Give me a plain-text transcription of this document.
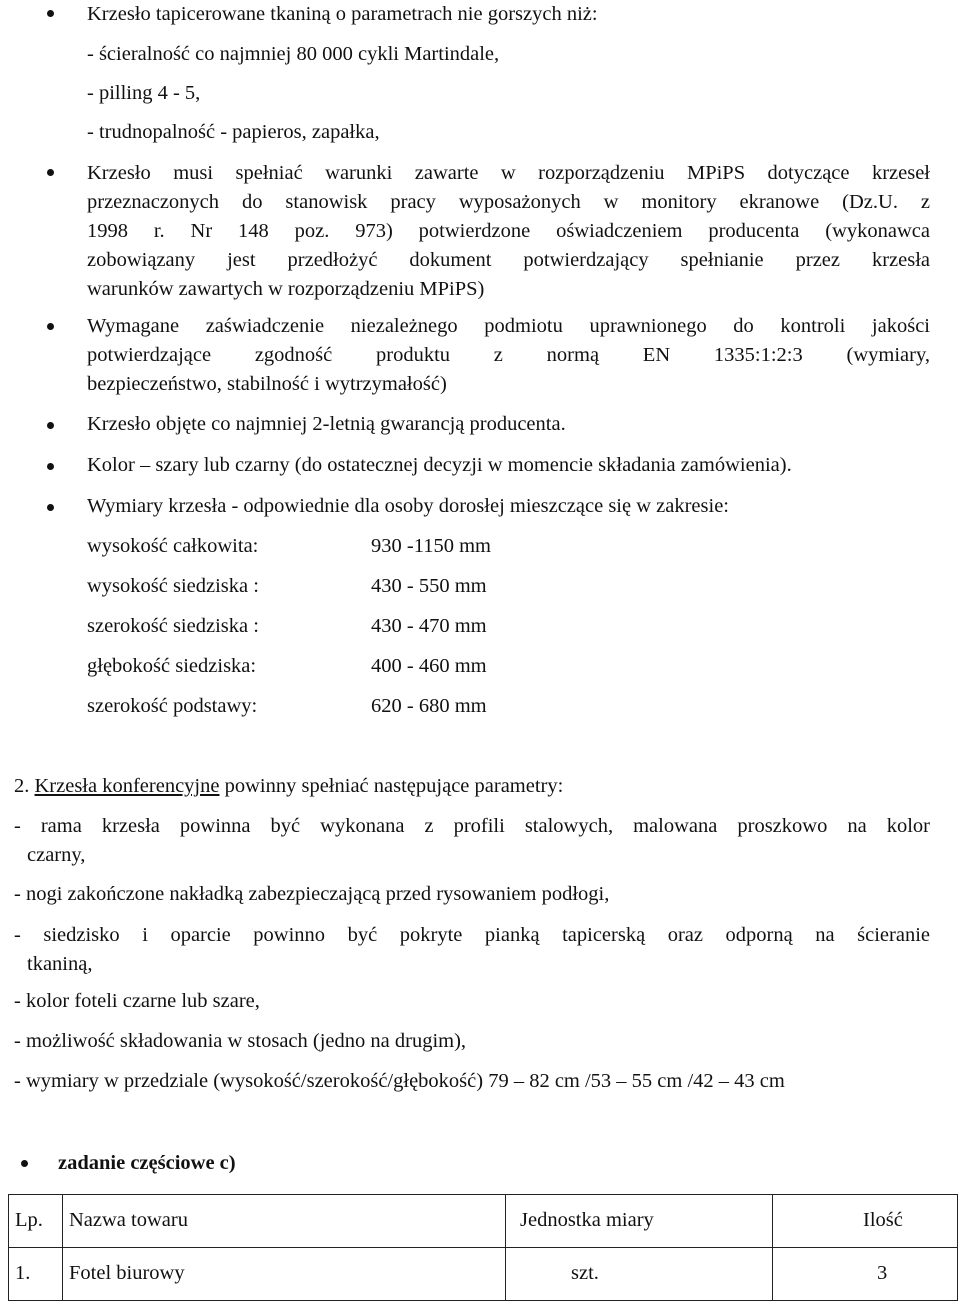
Krzesło tapicerowane tkaniną o parametrach nie gorszych niż:

- ścieralność co najmniej 80 000 cykli Martindale,

- pilling 4 - 5,

- trudnopalność - papieros, zapałka,

Krzesło musi spełniać warunki zawarte w rozporządzeniu MPiPS dotyczące krzeseł
przeznaczonych do stanowisk pracy wyposażonych w monitory ekranowe (Dz.U. z
1998 r. Nr 148 poz. 973) potwierdzone oświadczeniem producenta (wykonawca
zobowiązany jest przedłożyć dokument potwierdzający spełnianie przez krzesła
warunków zawartych w rozporządzeniu MPiPS)
Wymagane zaświadczenie niezależnego podmiotu uprawnionego do kontroli jakości
potwierdzające zgodność produktu z normą EN 1335:1:2:3 (wymiary,
bezpieczeństwo, stabilność i wytrzymałość)

Krzesło objęte co najmniej 2-letnią gwarancją producenta.

Kolor – szary lub czarny (do ostatecznej decyzji w momencie składania zamówienia).

Wymiary krzesła - odpowiednie dla osoby dorosłej mieszczące się w zakresie:

wysokość całkowita:	930 -1150 mm
wysokość siedziska :	430 - 550 mm
szerokość siedziska :	430 - 470 mm
głębokość siedziska:	400 - 460 mm
szerokość podstawy:	620 - 680 mm

2. Krzesła konferencyjne powinny spełniać następujące parametry:

- rama krzesła powinna być wykonana z profili stalowych, malowana proszkowo na kolor
czarny,

- nogi zakończone nakładką zabezpieczającą przed rysowaniem podłogi,

- siedzisko i oparcie powinno być pokryte pianką tapicerską oraz odporną na ścieranie
tkaniną,

- kolor foteli czarne lub szare,

- możliwość składowania w stosach (jedno na drugim),

- wymiary w przedziale (wysokość/szerokość/głębokość) 79 – 82 cm /53 – 55 cm /42 – 43 cm

zadanie częściowe c)

Lp.	Nazwa towaru	Jednostka miary	Ilość
1.	Fotel biurowy	szt.	3
